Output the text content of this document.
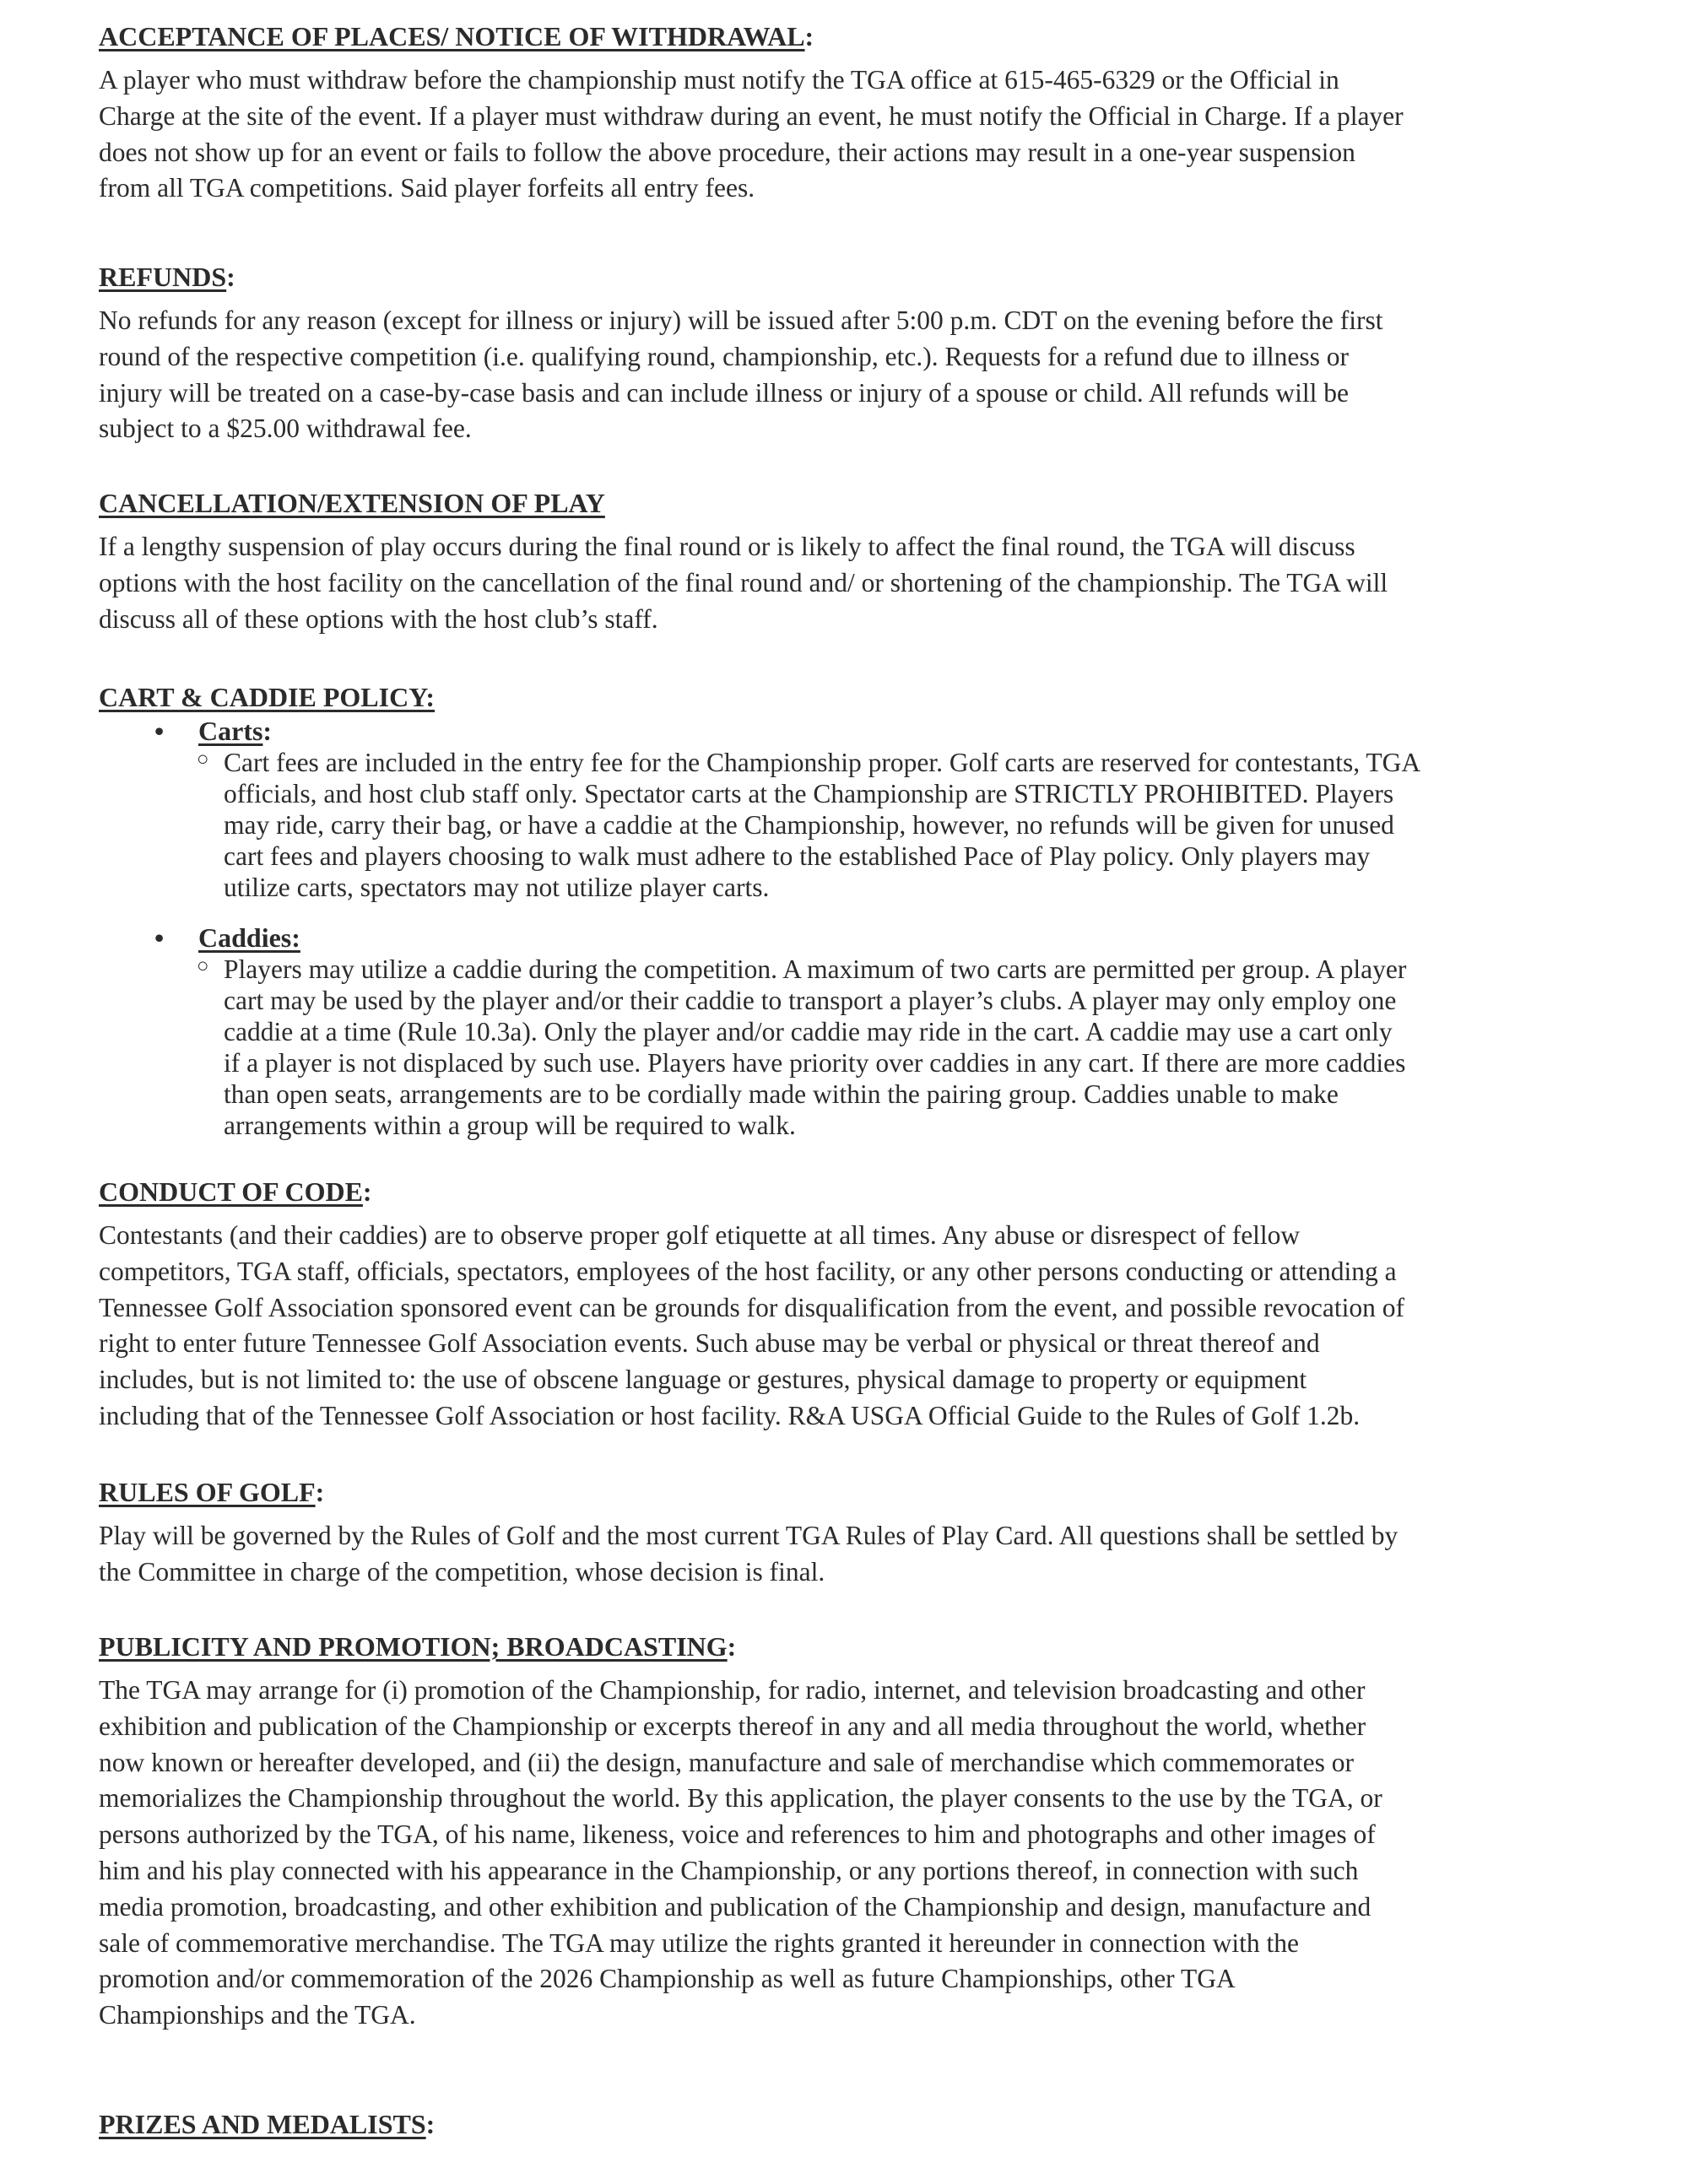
ACCEPTANCE OF PLACES/ NOTICE OF WITHDRAWAL:
A player who must withdraw before the championship must notify the TGA office at 615-465-6329 or the Official in
Charge at the site of the event. If a player must withdraw during an event, he must notify the Official in Charge. If a player
does not show up for an event or fails to follow the above procedure, their actions may result in a one-year suspension
from all TGA competitions. Said player forfeits all entry fees.
REFUNDS:
No refunds for any reason (except for illness or injury) will be issued after 5:00 p.m. CDT on the evening before the first
round of the respective competition (i.e. qualifying round, championship, etc.). Requests for a refund due to illness or
injury will be treated on a case-by-case basis and can include illness or injury of a spouse or child. All refunds will be
subject to a $25.00 withdrawal fee.
CANCELLATION/EXTENSION OF PLAY
If a lengthy suspension of play occurs during the final round or is likely to affect the final round, the TGA will discuss
options with the host facility on the cancellation of the final round and/ or shortening of the championship. The TGA will
discuss all of these options with the host club’s staff.
CART & CADDIE POLICY:
CONDUCT OF CODE:
Contestants (and their caddies) are to observe proper golf etiquette at all times. Any abuse or disrespect of fellow
competitors, TGA staff, officials, spectators, employees of the host facility, or any other persons conducting or attending a
Tennessee Golf Association sponsored event can be grounds for disqualification from the event, and possible revocation of
right to enter future Tennessee Golf Association events. Such abuse may be verbal or physical or threat thereof and
includes, but is not limited to: the use of obscene language or gestures, physical damage to property or equipment
including that of the Tennessee Golf Association or host facility. R&A USGA Official Guide to the Rules of Golf 1.2b.
RULES OF GOLF:
Play will be governed by the Rules of Golf and the most current TGA Rules of Play Card. All questions shall be settled by
the Committee in charge of the competition, whose decision is final.
PUBLICITY AND PROMOTION; BROADCASTING:
The TGA may arrange for (i) promotion of the Championship, for radio, internet, and television broadcasting and other
exhibition and publication of the Championship or excerpts thereof in any and all media throughout the world, whether
now known or hereafter developed, and (ii) the design, manufacture and sale of merchandise which commemorates or
memorializes the Championship throughout the world. By this application, the player consents to the use by the TGA, or
persons authorized by the TGA, of his name, likeness, voice and references to him and photographs and other images of
him and his play connected with his appearance in the Championship, or any portions thereof, in connection with such
media promotion, broadcasting, and other exhibition and publication of the Championship and design, manufacture and
sale of commemorative merchandise. The TGA may utilize the rights granted it hereunder in connection with the
promotion and/or commemoration of the 2026 Championship as well as future Championships, other TGA
Championships and the TGA.
PRIZES AND MEDALISTS:
• Carts:
○ Cart fees are included in the entry fee for the Championship proper. Golf carts are reserved for contestants, TGA
officials, and host club staff only. Spectator carts at the Championship are STRICTLY PROHIBITED. Players
may ride, carry their bag, or have a caddie at the Championship, however, no refunds will be given for unused
cart fees and players choosing to walk must adhere to the established Pace of Play policy. Only players may
utilize carts, spectators may not utilize player carts.
• Caddies:
○ Players may utilize a caddie during the competition. A maximum of two carts are permitted per group. A player
cart may be used by the player and/or their caddie to transport a player’s clubs. A player may only employ one
caddie at a time (Rule 10.3a). Only the player and/or caddie may ride in the cart. A caddie may use a cart only
if a player is not displaced by such use. Players have priority over caddies in any cart. If there are more caddies
than open seats, arrangements are to be cordially made within the pairing group. Caddies unable to make
arrangements within a group will be required to walk.
